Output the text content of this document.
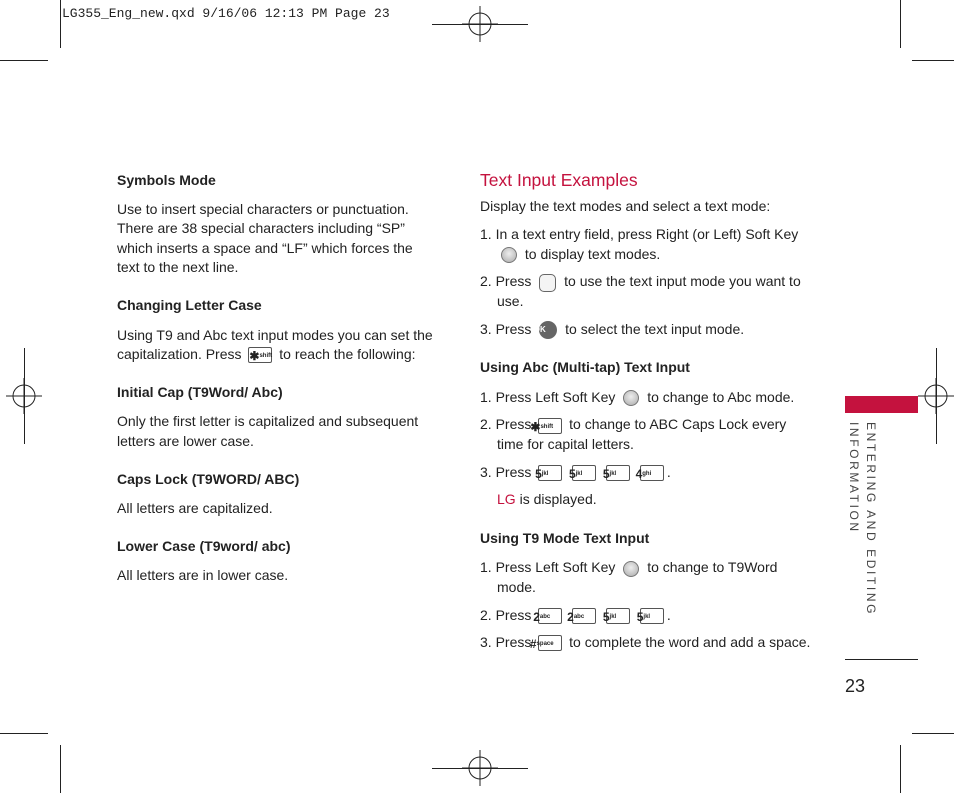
LG355_Eng_new.qxd 9/16/06 12:13 PM Page 23

Symbols Mode

Use to insert special characters or punctuation. There are 38 special characters including “SP” which inserts a space and “LF” which forces the text to the next line.

Changing Letter Case

Using T9 and Abc text input modes you can set the capitalization. Press ✱$^{shift}$ to reach the following:

Initial Cap (T9Word/ Abc)

Only the first letter is capitalized and subsequent letters are lower case.

Caps Lock (T9WORD/ ABC)

All letters are capitalized.

Lower Case (T9word/ abc)

All letters are in lower case.

Text Input Examples

Display the text modes and select a text mode:

1. In a text entry field, press Right (or Left) Soft Key  to display text modes.

2. Press to use the text input mode you want to use.

3. Press OK to select the text input mode.

Using Abc (Multi-tap) Text Input

1. Press Left Soft Key to change to Abc mode.

2. Press ✱$^{shift}$ to change to ABC Caps Lock every time for capital letters.

3. Press $5^{jkl}$ $5^{jkl}$ $5^{jkl}$ $4^{ghi}$ .

LG is displayed.

Using T9 Mode Text Input

1. Press Left Soft Key to change to T9Word mode.

2. Press $2^{abc}$ $2^{abc}$ $5^{jkl}$ $5^{jkl}$ .

3. Press #$^{space}$ to complete the word and add a space.

ENTERING AND EDITING INFORMATION
23
